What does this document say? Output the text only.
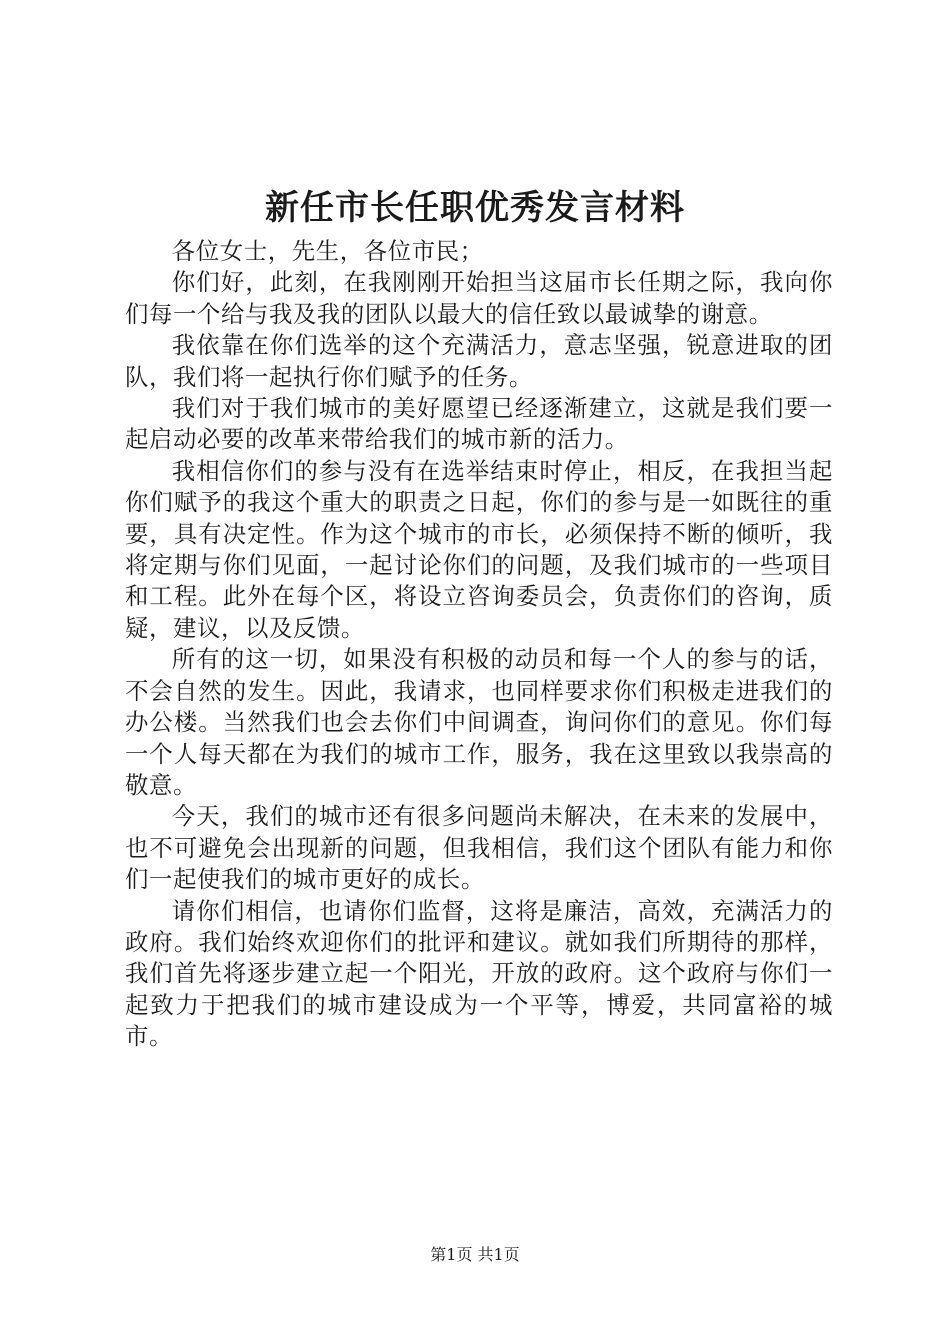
新任市长任职优秀发言材料

各位女士，先生，各位市民；

你们好，此刻，在我刚刚开始担当这届市长任期之际，我向你们每一个给与我及我的团队以最大的信任致以最诚挚的谢意。

我依靠在你们选举的这个充满活力，意志坚强，锐意进取的团队，我们将一起执行你们赋予的任务。

我们对于我们城市的美好愿望已经逐渐建立，这就是我们要一起启动必要的改革来带给我们的城市新的活力。

我相信你们的参与没有在选举结束时停止，相反，在我担当起你们赋予的我这个重大的职责之日起，你们的参与是一如既往的重要，具有决定性。作为这个城市的市长，必须保持不断的倾听，我将定期与你们见面，一起讨论你们的问题，及我们城市的一些项目和工程。此外在每个区，将设立咨询委员会，负责你们的咨询，质疑，建议，以及反馈。

所有的这一切，如果没有积极的动员和每一个人的参与的话，不会自然的发生。因此，我请求，也同样要求你们积极走进我们的办公楼。当然我们也会去你们中间调查，询问你们的意见。你们每一个人每天都在为我们的城市工作，服务，我在这里致以我崇高的敬意。

今天，我们的城市还有很多问题尚未解决，在未来的发展中，也不可避免会出现新的问题，但我相信，我们这个团队有能力和你们一起使我们的城市更好的成长。

请你们相信，也请你们监督，这将是廉洁，高效，充满活力的政府。我们始终欢迎你们的批评和建议。就如我们所期待的那样，我们首先将逐步建立起一个阳光，开放的政府。这个政府与你们一起致力于把我们的城市建设成为一个平等，博爱，共同富裕的城市。

第1页 共1页
